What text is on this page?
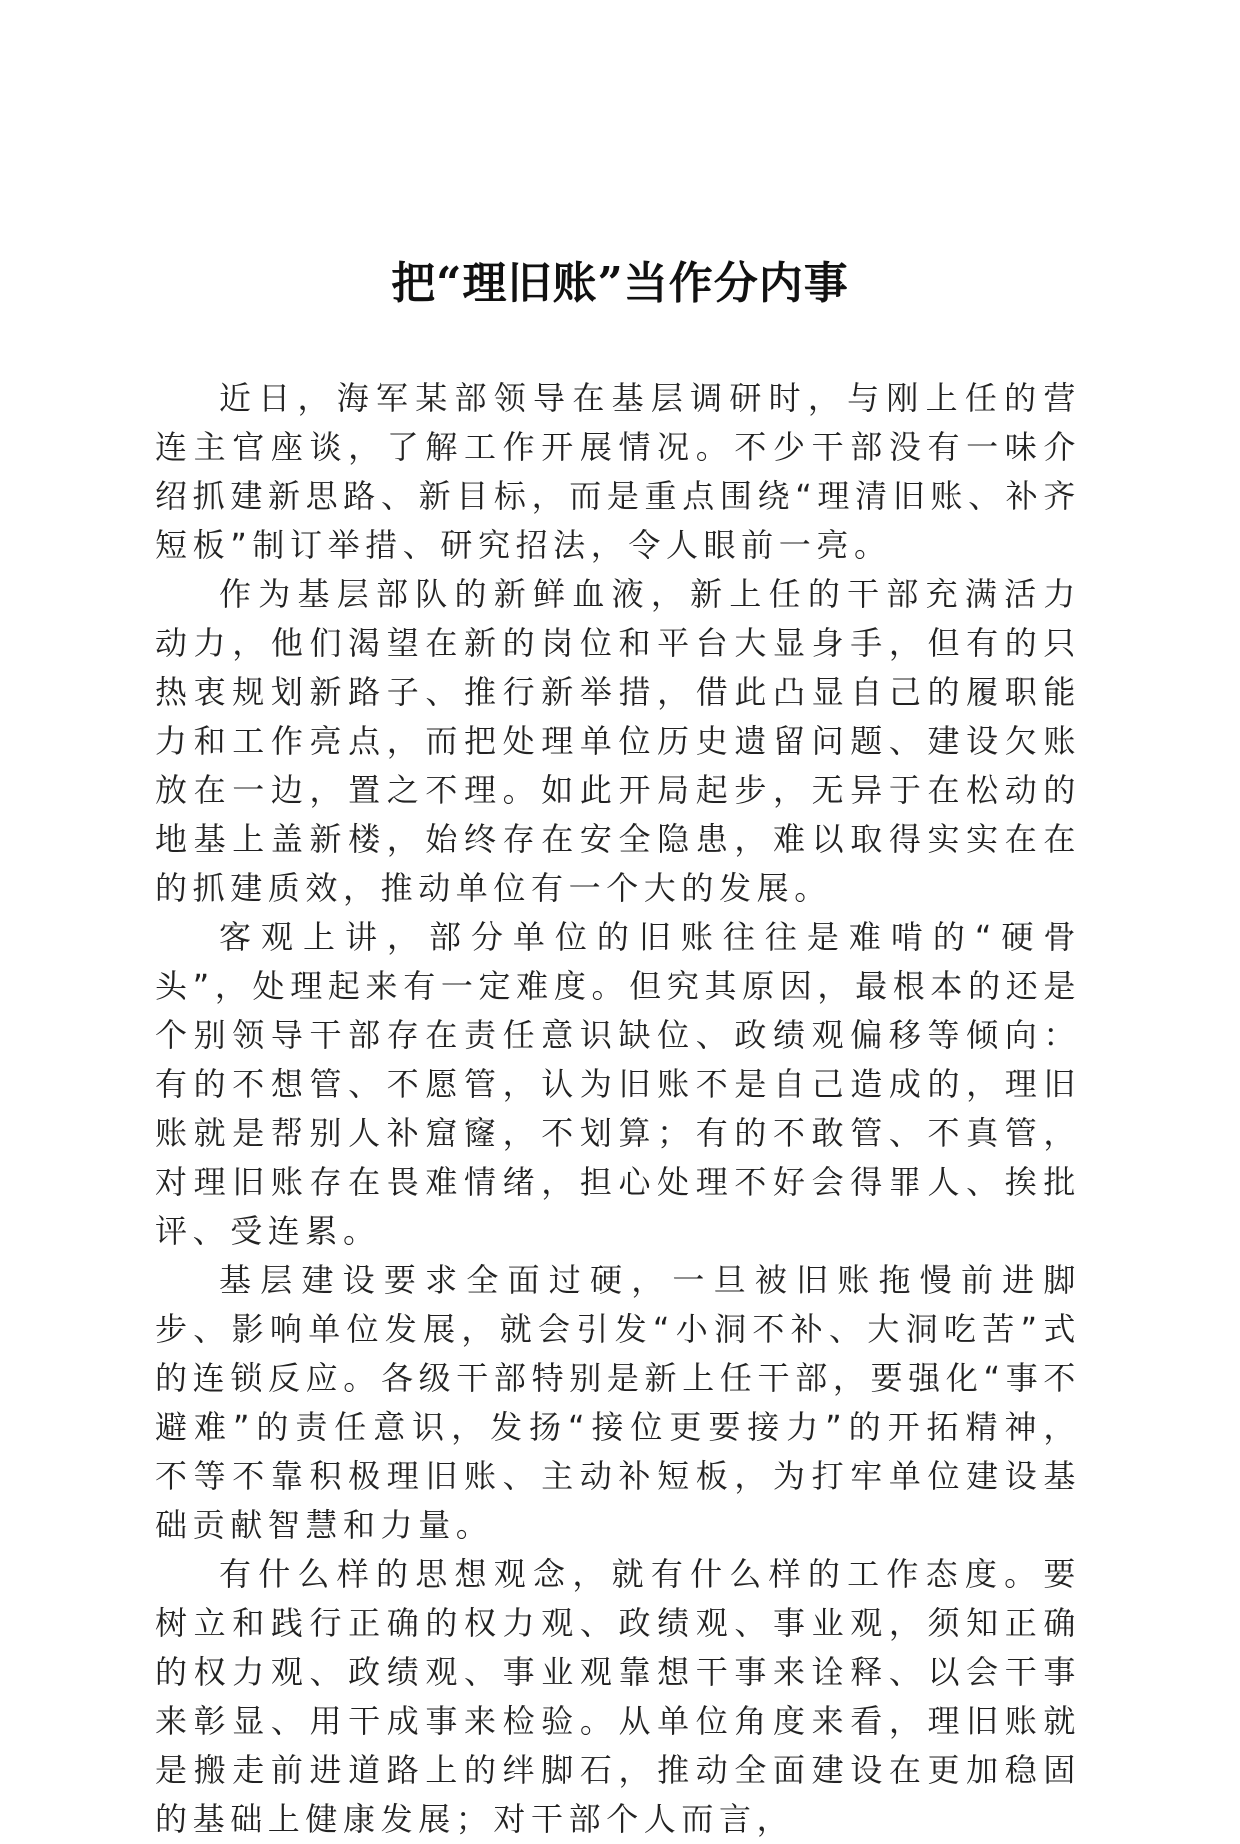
把“理旧账”当作分内事

近日，海军某部领导在基层调研时，与刚上任的营连主官座谈，了解工作开展情况。不少干部没有一味介绍抓建新思路、新目标，而是重点围绕“理清旧账、补齐短板”制订举措、研究招法，令人眼前一亮。

作为基层部队的新鲜血液，新上任的干部充满活力动力，他们渴望在新的岗位和平台大显身手，但有的只热衷规划新路子、推行新举措，借此凸显自己的履职能力和工作亮点，而把处理单位历史遗留问题、建设欠账放在一边，置之不理。如此开局起步，无异于在松动的地基上盖新楼，始终存在安全隐患，难以取得实实在在的抓建质效，推动单位有一个大的发展。

客观上讲，部分单位的旧账往往是难啃的“硬骨头”，处理起来有一定难度。但究其原因，最根本的还是个别领导干部存在责任意识缺位、政绩观偏移等倾向：有的不想管、不愿管，认为旧账不是自己造成的，理旧账就是帮别人补窟窿，不划算；有的不敢管、不真管，对理旧账存在畏难情绪，担心处理不好会得罪人、挨批评、受连累。

基层建设要求全面过硬，一旦被旧账拖慢前进脚步、影响单位发展，就会引发“小洞不补、大洞吃苦”式的连锁反应。各级干部特别是新上任干部，要强化“事不避难”的责任意识，发扬“接位更要接力”的开拓精神，不等不靠积极理旧账、主动补短板，为打牢单位建设基础贡献智慧和力量。

有什么样的思想观念，就有什么样的工作态度。要树立和践行正确的权力观、政绩观、事业观，须知正确的权力观、政绩观、事业观靠想干事来诠释、以会干事来彰显、用干成事来检验。从单位角度来看，理旧账就是搬走前进道路上的绊脚石，推动全面建设在更加稳固的基础上健康发展；对干部个人而言，
